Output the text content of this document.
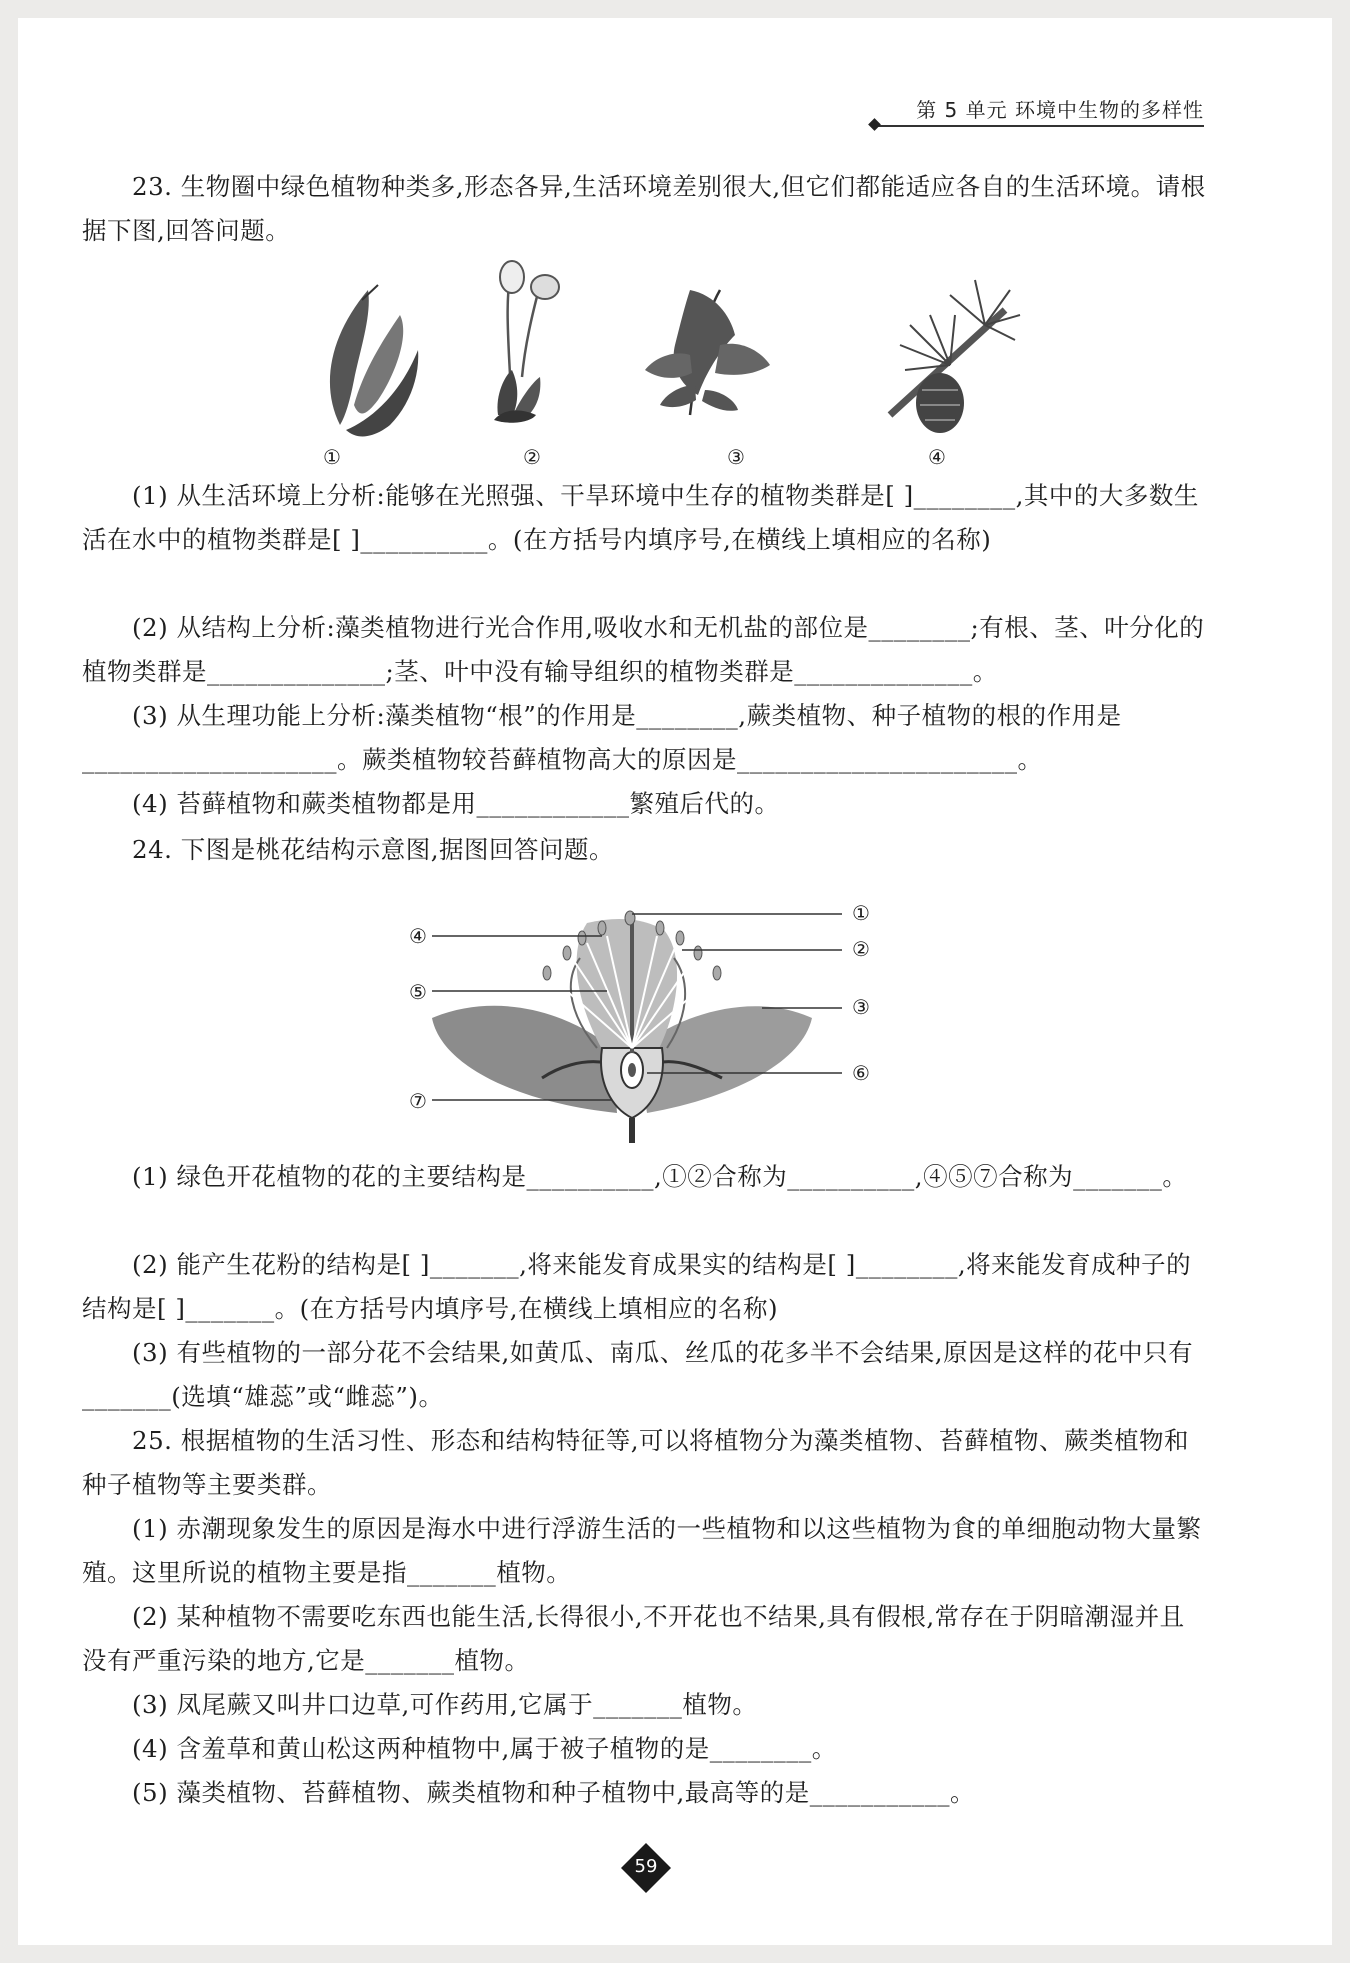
第 5 单元 环境中生物的多样性

23. 生物圈中绿色植物种类多,形态各异,生活环境差别很大,但它们都能适应各自的生活环境。请根据下图,回答问题。

①	②	③	④

(1) 从生活环境上分析:能够在光照强、干旱环境中生存的植物类群是[ ]________,其中的大多数生活在水中的植物类群是[ ]__________。(在方括号内填序号,在横线上填相应的名称)

(2) 从结构上分析:藻类植物进行光合作用,吸收水和无机盐的部位是________;有根、茎、叶分化的植物类群是______________;茎、叶中没有输导组织的植物类群是______________。

(3) 从生理功能上分析:藻类植物“根”的作用是________,蕨类植物、种子植物的根的作用是____________________。蕨类植物较苔藓植物高大的原因是______________________。

(4) 苔藓植物和蕨类植物都是用____________繁殖后代的。

24. 下图是桃花结构示意图,据图回答问题。

①
②
③
④
⑤
⑥
⑦

(1) 绿色开花植物的花的主要结构是__________,①②合称为__________,④⑤⑦合称为_______。

(2) 能产生花粉的结构是[ ]_______,将来能发育成果实的结构是[ ]________,将来能发育成种子的结构是[ ]_______。(在方括号内填序号,在横线上填相应的名称)

(3) 有些植物的一部分花不会结果,如黄瓜、南瓜、丝瓜的花多半不会结果,原因是这样的花中只有_______(选填“雄蕊”或“雌蕊”)。

25. 根据植物的生活习性、形态和结构特征等,可以将植物分为藻类植物、苔藓植物、蕨类植物和种子植物等主要类群。

(1) 赤潮现象发生的原因是海水中进行浮游生活的一些植物和以这些植物为食的单细胞动物大量繁殖。这里所说的植物主要是指_______植物。

(2) 某种植物不需要吃东西也能生活,长得很小,不开花也不结果,具有假根,常存在于阴暗潮湿并且没有严重污染的地方,它是_______植物。

(3) 凤尾蕨又叫井口边草,可作药用,它属于_______植物。

(4) 含羞草和黄山松这两种植物中,属于被子植物的是________。

(5) 藻类植物、苔藓植物、蕨类植物和种子植物中,最高等的是___________。

59
